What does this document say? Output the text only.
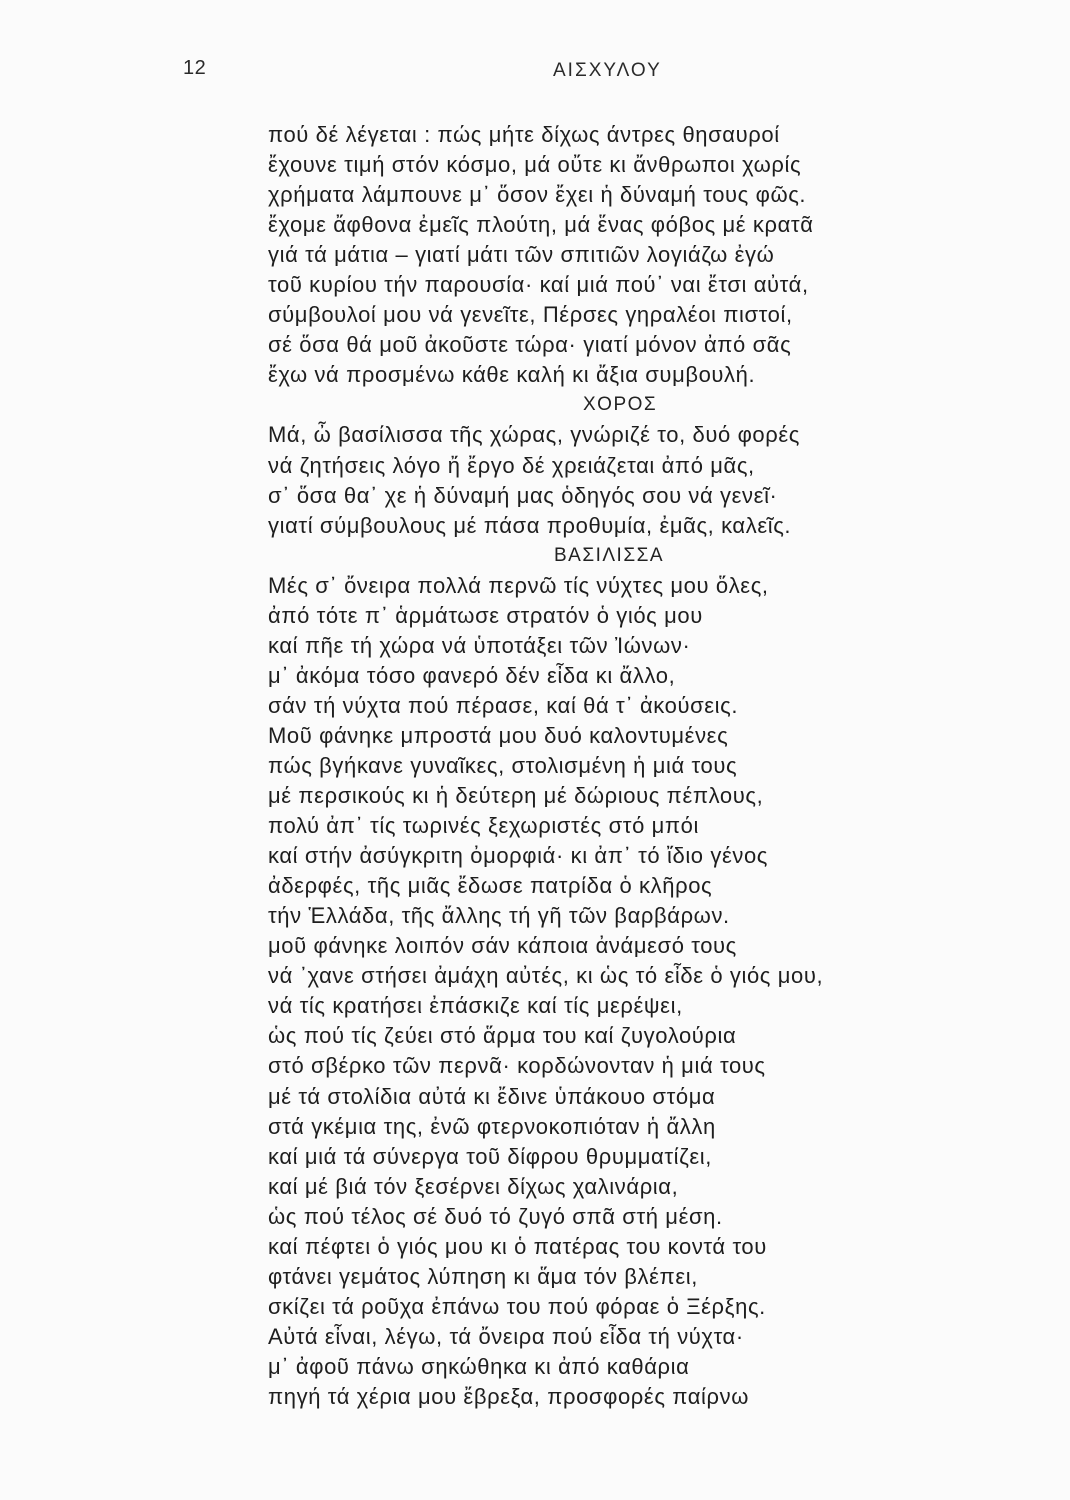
12	ΑΙΣΧΥΛΟΥ
πού δέ λέγεται : πώς μήτε δίχως άντρες θησαυροί
ἔχουνε τιμή στόν κόσμο, μά οὔτε κι ἄνθρωποι χωρίς
χρήματα λάμπουνε μ᾽ ὅσον ἔχει ἡ δύναμή τους φῶς.
ἔχομε ἄφθονα ἐμεῖς πλούτη, μά ἕνας φόβος μέ κρατᾶ
γιά τά μάτια – γιατί μάτι τῶν σπιτιῶν λογιάζω ἐγώ
τοῦ κυρίου τήν παρουσία· καί μιά πού᾽ ναι ἔτσι αὐτά,
σύμβουλοί μου νά γενεῖτε, Πέρσες γηραλέοι πιστοί,
σέ ὅσα θά μοῦ ἀκοῦστε τώρα· γιατί μόνον ἀπό σᾶς
ἔχω νά προσμένω κάθε καλή κι ἄξια συμβουλή.
ΧΟΡΟΣ
Μά, ὦ βασίλισσα τῆς χώρας, γνώριζέ το, δυό φορές
νά ζητήσεις λόγο ἤ ἔργο δέ χρειάζεται ἀπό μᾶς,
σ᾽ ὅσα θα᾽ χε ἡ δύναμή μας ὁδηγός σου νά γενεῖ·
γιατί σύμβουλους μέ πάσα προθυμία, ἐμᾶς, καλεῖς.
ΒΑΣΙΛΙΣΣΑ
Μές σ᾽ ὄνειρα πολλά περνῶ τίς νύχτες μου ὅλες,
ἀπό τότε π᾽ ἁρμάτωσε στρατόν ὁ γιός μου
καί πῆε τή χώρα νά ὑποτάξει τῶν Ἰώνων·
μ᾽ ἀκόμα τόσο φανερό δέν εἶδα κι ἄλλο,
σάν τή νύχτα πού πέρασε, καί θά τ᾽ ἀκούσεις.
Μοῦ φάνηκε μπροστά μου δυό καλοντυμένες
πώς βγήκανε γυναῖκες, στολισμένη ἡ μιά τους
μέ περσικούς κι ἡ δεύτερη μέ δώριους πέπλους,
πολύ ἀπ᾽ τίς τωρινές ξεχωριστές στό μπόι
καί στήν ἀσύγκριτη ὀμορφιά· κι ἀπ᾽ τό ἴδιο γένος
ἀδερφές, τῆς μιᾶς ἔδωσε πατρίδα ὁ κλῆρος
τήν Ἑλλάδα, τῆς ἄλλης τή γῆ τῶν βαρβάρων.
μοῦ φάνηκε λοιπόν σάν κάποια ἀνάμεσό τους
νά ᾽χανε στήσει ἀμάχη αὐτές, κι ὡς τό εἶδε ὁ γιός μου,
νά τίς κρατήσει ἐπάσκιζε καί τίς μερέψει,
ὡς πού τίς ζεύει στό ἅρμα του καί ζυγολούρια
στό σβέρκο τῶν περνᾶ· κορδώνονταν ἡ μιά τους
μέ τά στολίδια αὐτά κι ἔδινε ὑπάκουο στόμα
στά γκέμια της, ἐνῶ φτερνοκοπιόταν ἡ ἄλλη
καί μιά τά σύνεργα τοῦ δίφρου θρυμματίζει,
καί μέ βιά τόν ξεσέρνει δίχως χαλινάρια,
ὡς πού τέλος σέ δυό τό ζυγό σπᾶ στή μέση.
καί πέφτει ὁ γιός μου κι ὁ πατέρας του κοντά του
φτάνει γεμάτος λύπηση κι ἅμα τόν βλέπει,
σκίζει τά ροῦχα ἐπάνω του πού φόραε ὁ Ξέρξης.
Αὐτά εἶναι, λέγω, τά ὄνειρα πού εἶδα τή νύχτα·
μ᾽ ἀφοῦ πάνω σηκώθηκα κι ἀπό καθάρια
πηγή τά χέρια μου ἔβρεξα, προσφορές παίρνω
